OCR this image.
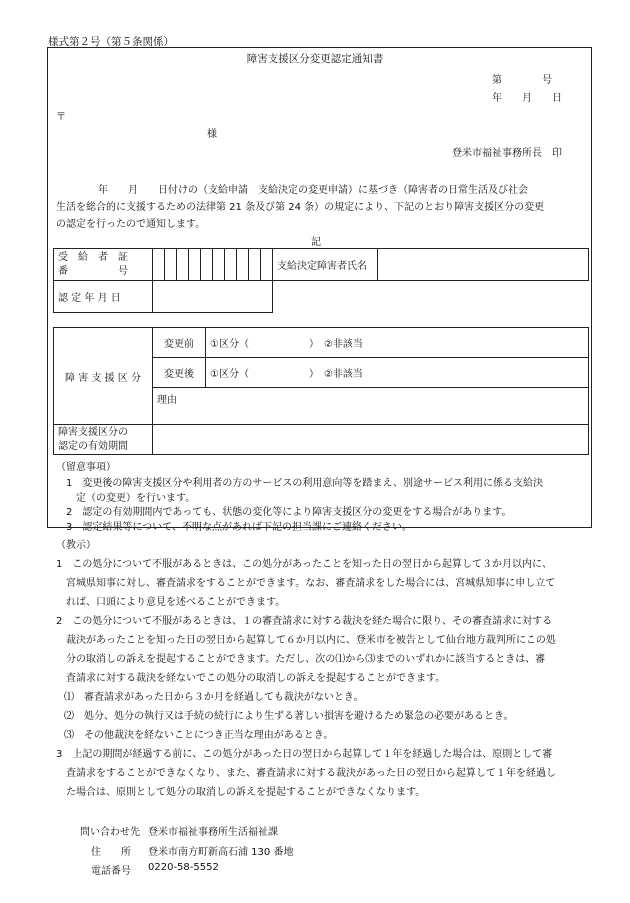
様式第２号（第５条関係）
障害支援区分変更認定通知書
第　　　　号
年　　月　　日
〒
様
登米市福祉事務所長　印
　　年　　月　　日付けの（支給申請　支給決定の変更申請）に基づき（障害者の日常生活及び社会
生活を総合的に支援するための法律第 21 条及び第 24 条）の規定により、下記のとおり障害支援区分の変更
の認定を行ったので通知します。
記
受　給　者　証
番　　　　　号											支給決定障害者氏名	
認 定 年 月 日												
障 害 支 援 区 分	変更前	①区分（　　　　　　）　②非該当
	変更後	①区分（　　　　　　）　②非該当
	理由	
障害支援区分の
認定の有効期間		
（留意事項）
　1　変更後の障害支援区分や利用者の方のサービスの利用意向等を踏まえ、別途サービス利用に係る支給決
　　定（の変更）を行います。
　2　認定の有効期間内であっても、状態の変化等により障害支援区分の変更をする場合があります。
　3　認定結果等について、不明な点があれば下記の担当課にご連絡ください。
（教示）
1　この処分について不服があるときは、この処分があったことを知った日の翌日から起算して３か月以内に、
　宮城県知事に対し、審査請求をすることができます。なお、審査請求をした場合には、宮城県知事に申し立て
　れば、口頭により意見を述べることができます。
2　この処分について不服があるときは、１の審査請求に対する裁決を経た場合に限り、その審査請求に対する
　裁決があったことを知った日の翌日から起算して６か月以内に、登米市を被告として仙台地方裁判所にこの処
　分の取消しの訴えを提起することができます。ただし、次の⑴から⑶までのいずれかに該当するときは、審
　査請求に対する裁決を経ないでこの処分の取消しの訴えを提起することができます。
⑴　審査請求があった日から３か月を経過しても裁決がないとき。
⑵　処分、処分の執行又は手続の続行により生ずる著しい損害を避けるため緊急の必要があるとき。
⑶　その他裁決を経ないことにつき正当な理由があるとき。
3　上記の期間が経過する前に、この処分があった日の翌日から起算して１年を経過した場合は、原則として審
　査請求をすることができなくなり、また、審査請求に対する裁決があった日の翌日から起算して１年を経過し
　た場合は、原則として処分の取消しの訴えを提起することができなくなります。
問い合わせ先 登米市福祉事務所生活福祉課
住　　所 登米市南方町新高石浦 130 番地
電話番号 0220-58-5552
